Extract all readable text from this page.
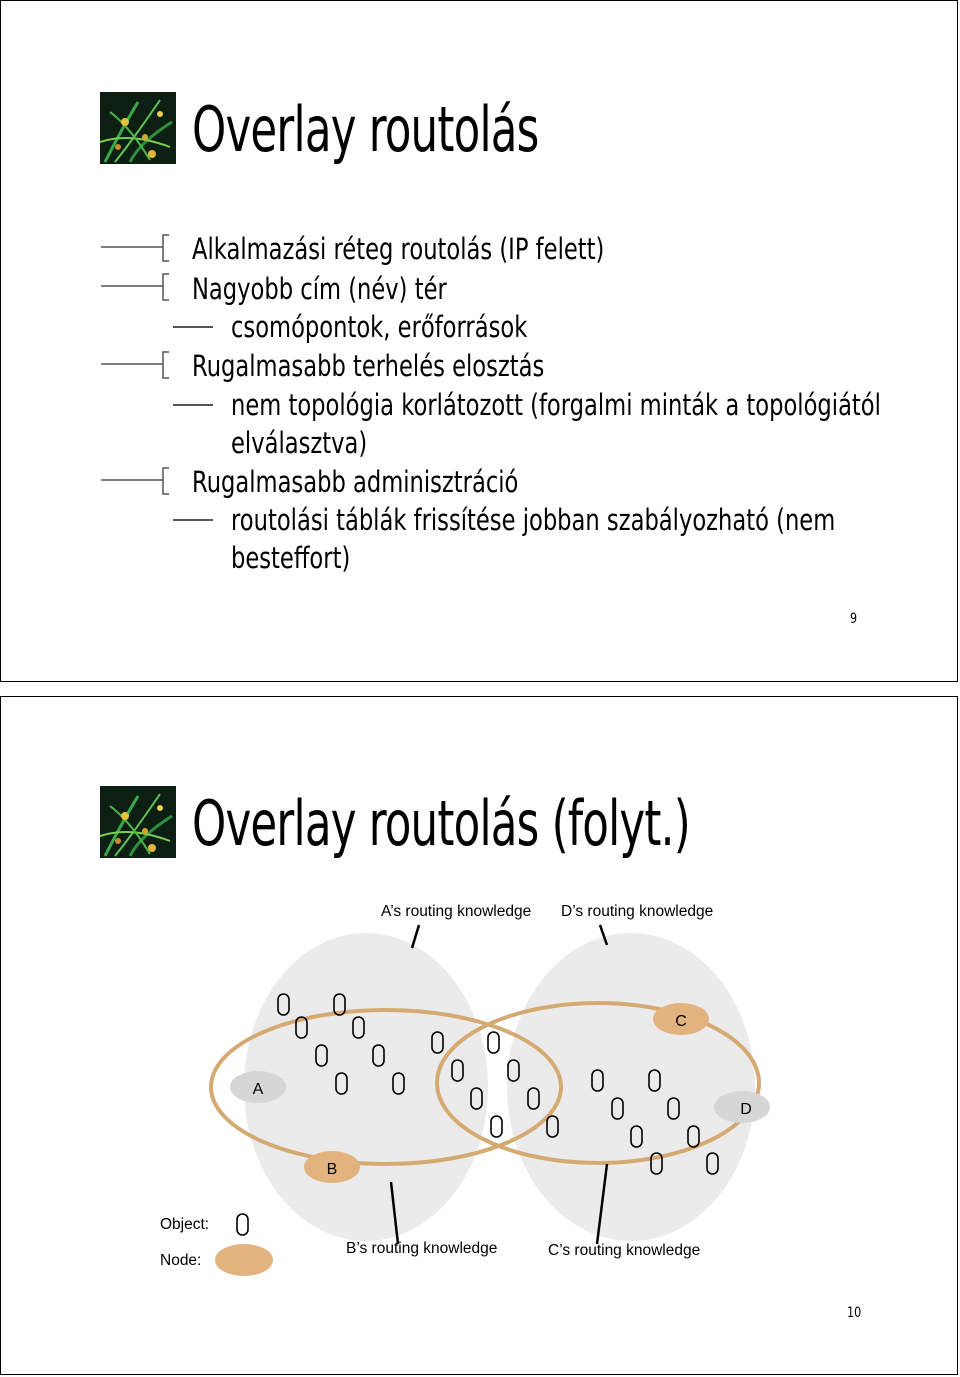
Overlay routolás
Alkalmazási réteg routolás (IP felett)
Nagyobb cím (név) tér
csomópontok, erőforrások
Rugalmasabb terhelés elosztás
nem topológia korlátozott (forgalmi minták a topológiától
elválasztva)
Rugalmasabb adminisztráció
routolási táblák frissítése jobban szabályozható (nem
besteffort)
9
Overlay routolás (folyt.)
A
B
C
D
A’s routing knowledge D’s routing knowledge
B’s routing knowledge	C’s routing knowledge
Object:
Node:
10
